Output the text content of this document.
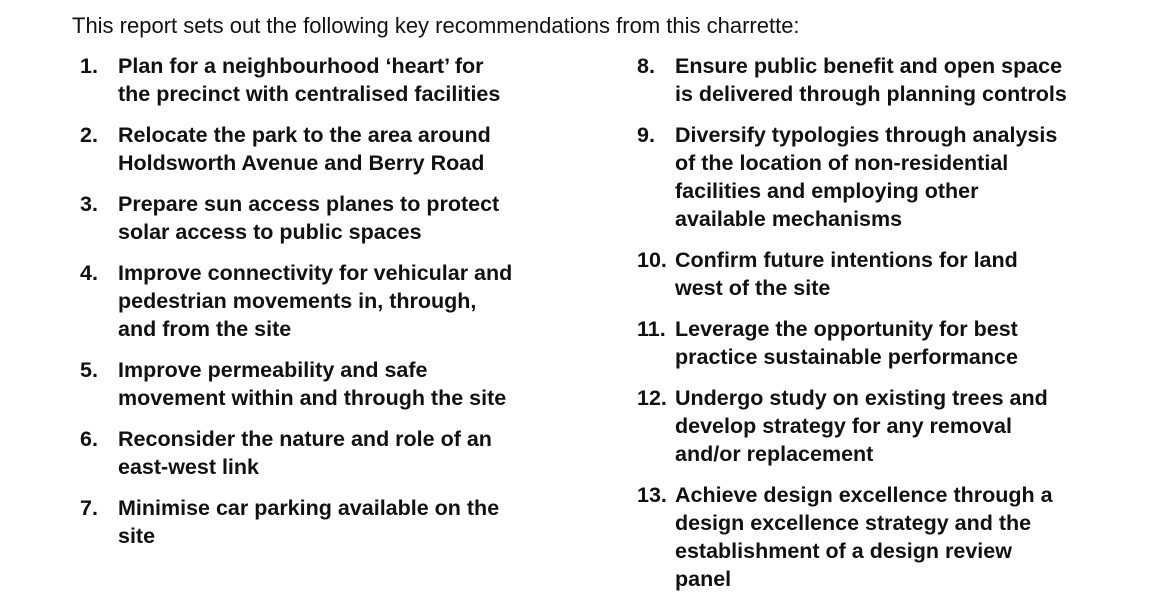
This report sets out the following key recommendations from this charrette:
1. Plan for a neighbourhood ‘heart’ for
the precinct with centralised facilities
2. Relocate the park to the area around
Holdsworth Avenue and Berry Road
3. Prepare sun access planes to protect
solar access to public spaces
4. Improve connectivity for vehicular and
pedestrian movements in, through,
and from the site
5. Improve permeability and safe
movement within and through the site
6. Reconsider the nature and role of an
east-west link
7. Minimise car parking available on the
site
8. Ensure public benefit and open space
is delivered through planning controls
9. Diversify typologies through analysis
of the location of non-residential
facilities and employing other
available mechanisms
10. Confirm future intentions for land
west of the site
11. Leverage the opportunity for best
practice sustainable performance
12. Undergo study on existing trees and
develop strategy for any removal
and/or replacement
13. Achieve design excellence through a
design excellence strategy and the
establishment of a design review
panel
